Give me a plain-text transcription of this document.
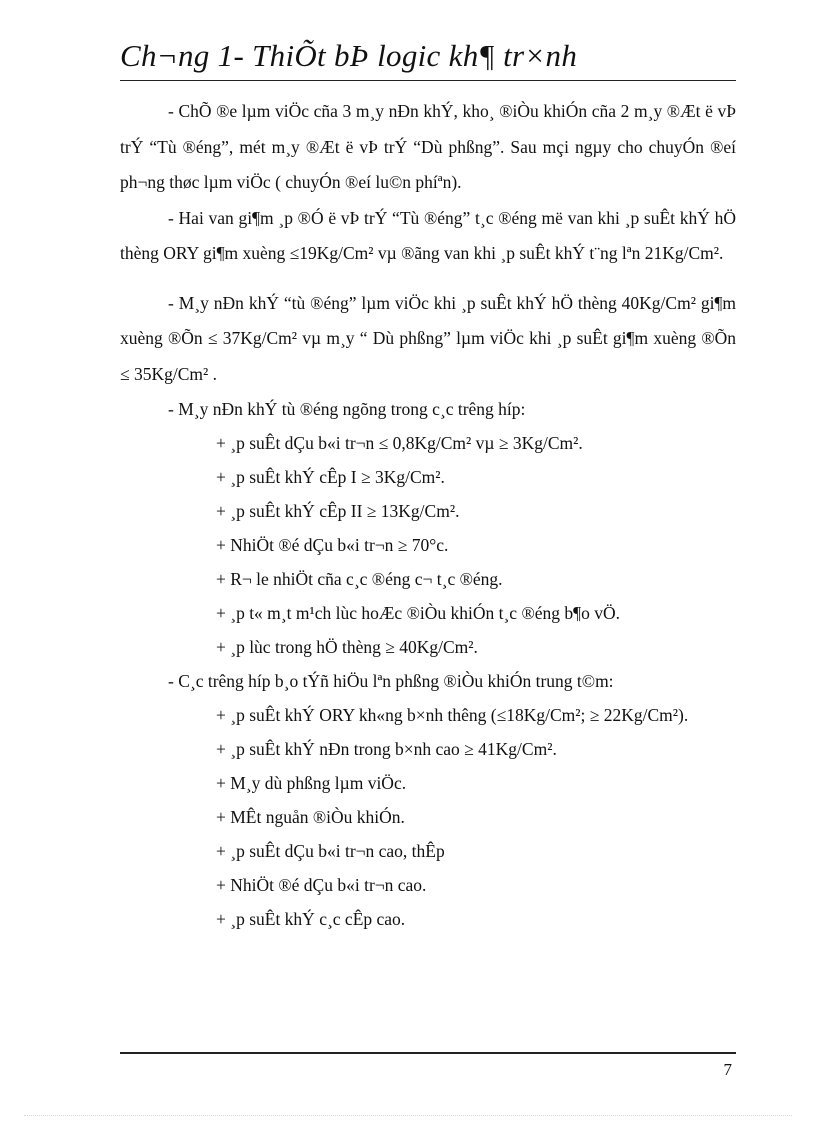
Ch¬ng 1- ThiÕt bÞ logic kh¶ tr×nh

- ChÕ ®e lµm viÖc cña 3 m¸y nÐn khÝ, kho¸ ®iÒu khiÓn cña 2 m¸y ®Æt ë vÞ trÝ “Tù ®éng”, mét m¸y ®Æt ë vÞ trÝ “Dù phßng”. Sau mçi ngµy cho chuyÓn ®eí ph¬ng thøc lµm viÖc ( chuyÓn ®eí lu©n phíªn).

- Hai van gi¶m ¸p ®Ó ë vÞ trÝ “Tù ®éng” t¸c ®éng më van khi ¸p suÊt khÝ hÖ thèng ORY gi¶m xuèng ≤19Kg/Cm² vµ ®ãng van khi ¸p suÊt khÝ t¨ng lªn 21Kg/Cm².

- M¸y nÐn khÝ “tù ®éng” lµm viÖc khi ¸p suÊt khÝ hÖ thèng 40Kg/Cm² gi¶m xuèng ®Õn ≤ 37Kg/Cm² vµ m¸y “ Dù phßng” lµm viÖc khi ¸p suÊt gi¶m xuèng ®Õn ≤ 35Kg/Cm² .

- M¸y nÐn khÝ tù ®éng ngõng trong c¸c trêng híp:

+ ¸p suÊt dÇu b«i tr¬n ≤ 0,8Kg/Cm² vµ ≥ 3Kg/Cm².

+ ¸p suÊt khÝ cÊp I ≥ 3Kg/Cm².

+ ¸p suÊt khÝ cÊp II ≥ 13Kg/Cm².

+ NhiÖt ®é dÇu b«i tr¬n ≥ 70°c.

+ R¬ le nhiÖt cña c¸c ®éng c¬ t¸c ®éng.

+ ¸p t« m¸t m¹ch lùc hoÆc ®iÒu khiÓn t¸c ®éng b¶o vÖ.

+ ¸p lùc trong hÖ thèng ≥ 40Kg/Cm².

- C¸c trêng híp b¸o tÝñ hiÖu lªn phßng ®iÒu khiÓn trung t©m:

+ ¸p suÊt khÝ ORY kh«ng b×nh thêng (≤18Kg/Cm²; ≥ 22Kg/Cm²).

+ ¸p suÊt khÝ nÐn trong b×nh cao ≥ 41Kg/Cm².

+ M¸y dù phßng lµm viÖc.

+ MÊt nguån ®iÒu khiÓn.

+ ¸p suÊt dÇu b«i tr¬n cao, thÊp

+ NhiÖt ®é dÇu b«i tr¬n cao.

+ ¸p suÊt khÝ c¸c cÊp cao.

7
